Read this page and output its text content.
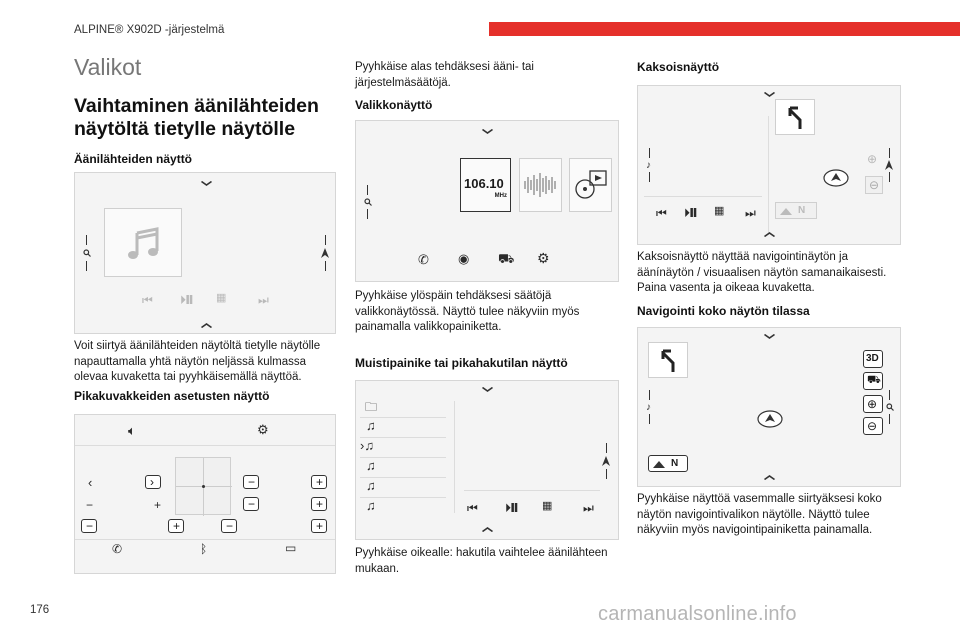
ALPINE® X902D -järjestelmä
Valikot
Vaihtaminen äänilähteiden näytöltä tietylle näytölle
Äänilähteiden näyttö
⏮ ⏵❙❙ ▦	⏭
Voit siirtyä äänilähteiden näytöltä tietylle näytölle napauttamalla yhtä näytön neljässä kulmassa olevaa kuvaketta tai pyyhkäisemällä näyttöä.
Pikakuvakkeiden asetusten näyttö
🔈︎	⚙
‹	›
−	+
−
−
+
+
−	+	−	+
✆	ᛒ	▭
Pyyhkäise alas tehdäksesi ääni- tai järjestelmäsäätöjä.
Valikkonäyttö
106.10
MHz
✆ ◉ ⛟ ⚙
Pyyhkäise ylöspäin tehdäksesi säätöjä valikkonäytössä. Näyttö tulee näkyviin myös painamalla valikkopainiketta.
Muistipainike tai pikahakutilan näyttö
🗀︎
♫
›♫
♫
♫
♫	⏮ ⏵❙❙ ▦	⏭
Pyyhkäise oikealle: hakutila vaihtelee äänilähteen mukaan.
Kaksoisnäyttö
♪	⊕
⊖
⏮ ⏵❙❙ ▦ ⏭	N
Kaksoisnäyttö näyttää navigointinäytön ja äänínäytön / visuaalisen näytön samanaikaisesti. Paina vasenta ja oikeaa kuvaketta.
Navigointi koko näytön tilassa
3D
⛟
♪	⊕
⊖
N
Pyyhkäise näyttöä vasemmalle siirtyäksesi koko näytön navigointivalikon näytölle. Näyttö tulee näkyviin myös navigointipainiketta painamalla.
176	carmanualsonline.info
